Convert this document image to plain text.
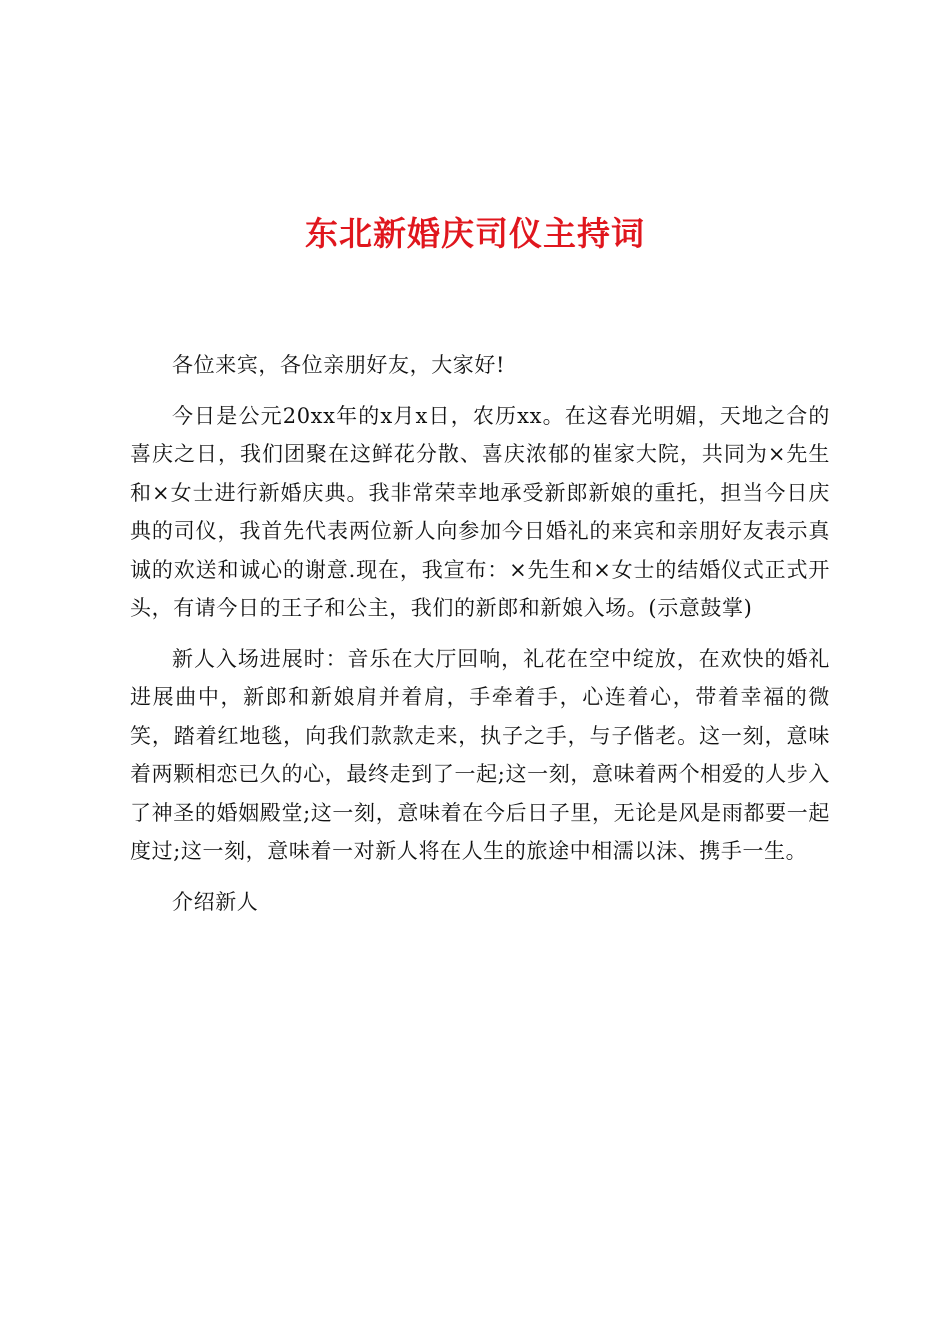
东北新婚庆司仪主持词

各位来宾，各位亲朋好友，大家好!

今日是公元20xx年的x月x日，农历xx。在这春光明媚，天地之合的喜庆之日，我们团聚在这鲜花分散、喜庆浓郁的崔家大院，共同为×先生和×女士进行新婚庆典。我非常荣幸地承受新郎新娘的重托，担当今日庆典的司仪，我首先代表两位新人向参加今日婚礼的来宾和亲朋好友表示真诚的欢送和诚心的谢意.现在，我宣布：×先生和×女士的结婚仪式正式开头，有请今日的王子和公主，我们的新郎和新娘入场。(示意鼓掌)

新人入场进展时：音乐在大厅回响，礼花在空中绽放，在欢快的婚礼进展曲中，新郎和新娘肩并着肩，手牵着手，心连着心，带着幸福的微笑，踏着红地毯，向我们款款走来，执子之手，与子偕老。这一刻，意味着两颗相恋已久的心，最终走到了一起;这一刻，意味着两个相爱的人步入了神圣的婚姻殿堂;这一刻，意味着在今后日子里，无论是风是雨都要一起度过;这一刻，意味着一对新人将在人生的旅途中相濡以沫、携手一生。

介绍新人
